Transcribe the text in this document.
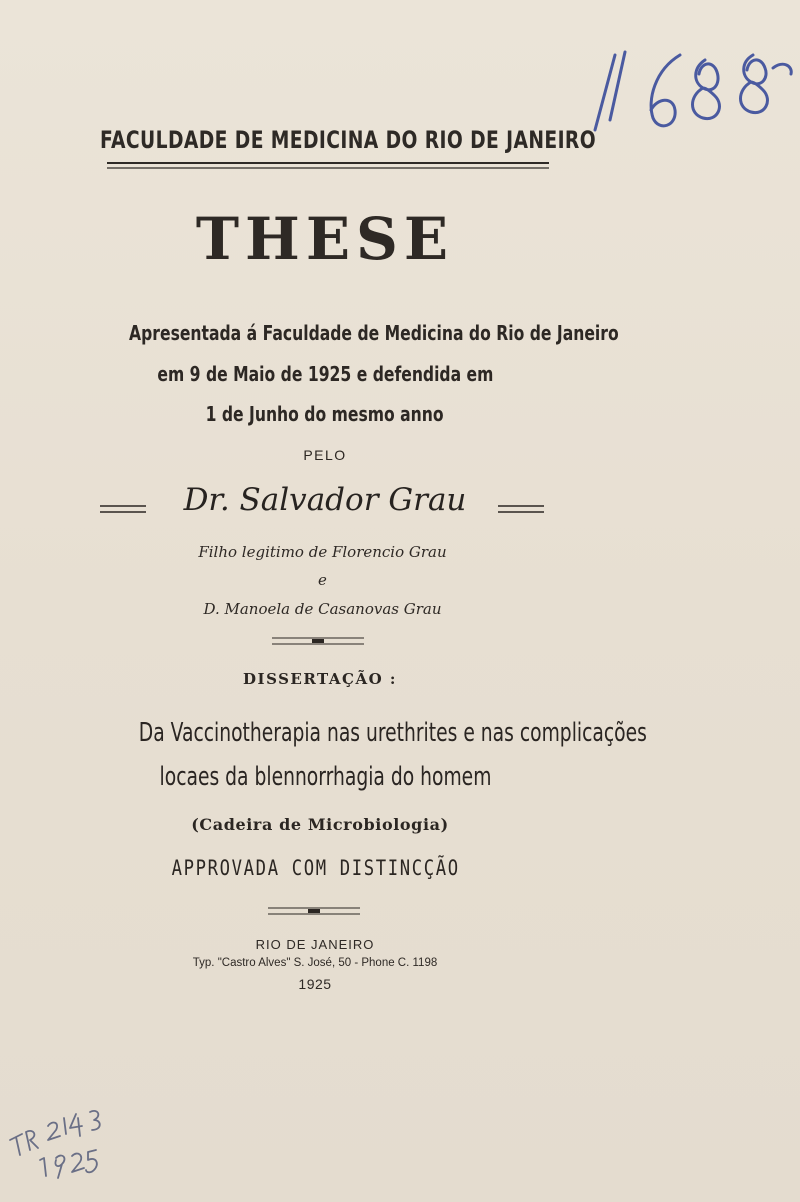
11688
FACULDADE DE MEDICINA DO RIO DE JANEIRO
THESE
Apresentada á Faculdade de Medicina do Rio de Janeiro
em 9 de Maio de 1925 e defendida em
1 de Junho do mesmo anno
PELO
Dr. Salvador Grau
Filho legitimo de Florencio Grau
e
D. Manoela de Casanovas Grau
DISSERTAÇÃO :
Da Vaccinotherapia nas urethrites e nas complicações
locaes da blennorrhagia do homem
(Cadeira de Microbiologia)
APPROVADA COM DISTINCÇÃO
RIO DE JANEIRO
Typ. "Castro Alves" S. José, 50 - Phone C. 1198
1925
TR 2143 1925
